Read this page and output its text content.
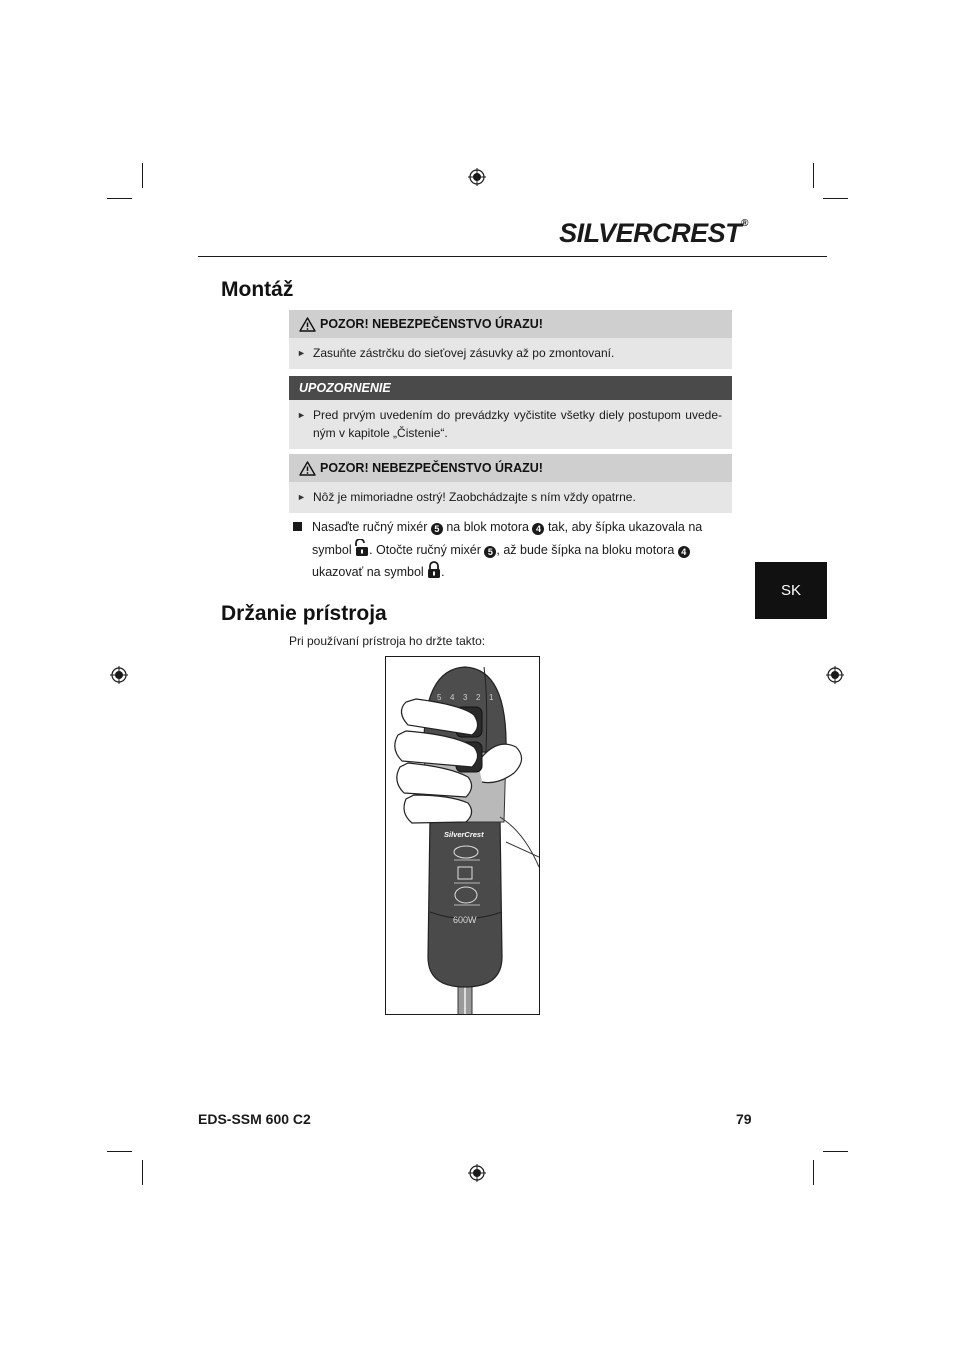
SILVERCREST®
Montáž
POZOR! NEBEZPEČENSTVO ÚRAZU!
► Zasuňte zástrčku do sieťovej zásuvky až po zmontovaní.
UPOZORNENIE
► Pred prvým uvedením do prevádzky vyčistite všetky diely postupom uvede-ným v kapitole „Čistenie“.
POZOR! NEBEZPEČENSTVO ÚRAZU!
► Nôž je mimoriadne ostrý! Zaobchádzajte s ním vždy opatrne.
Nasaďte ručný mixér 5 na blok motora 4 tak, aby šípka ukazovala na symbol . Otočte ručný mixér 5 , až bude šípka na bloku motora 4 ukazovať na symbol .
SK
Držanie prístroja
Pri používaní prístroja ho držte takto:
5 4 3 2 1
SilverCrest
600W
EDS-SSM 600 C2	79
